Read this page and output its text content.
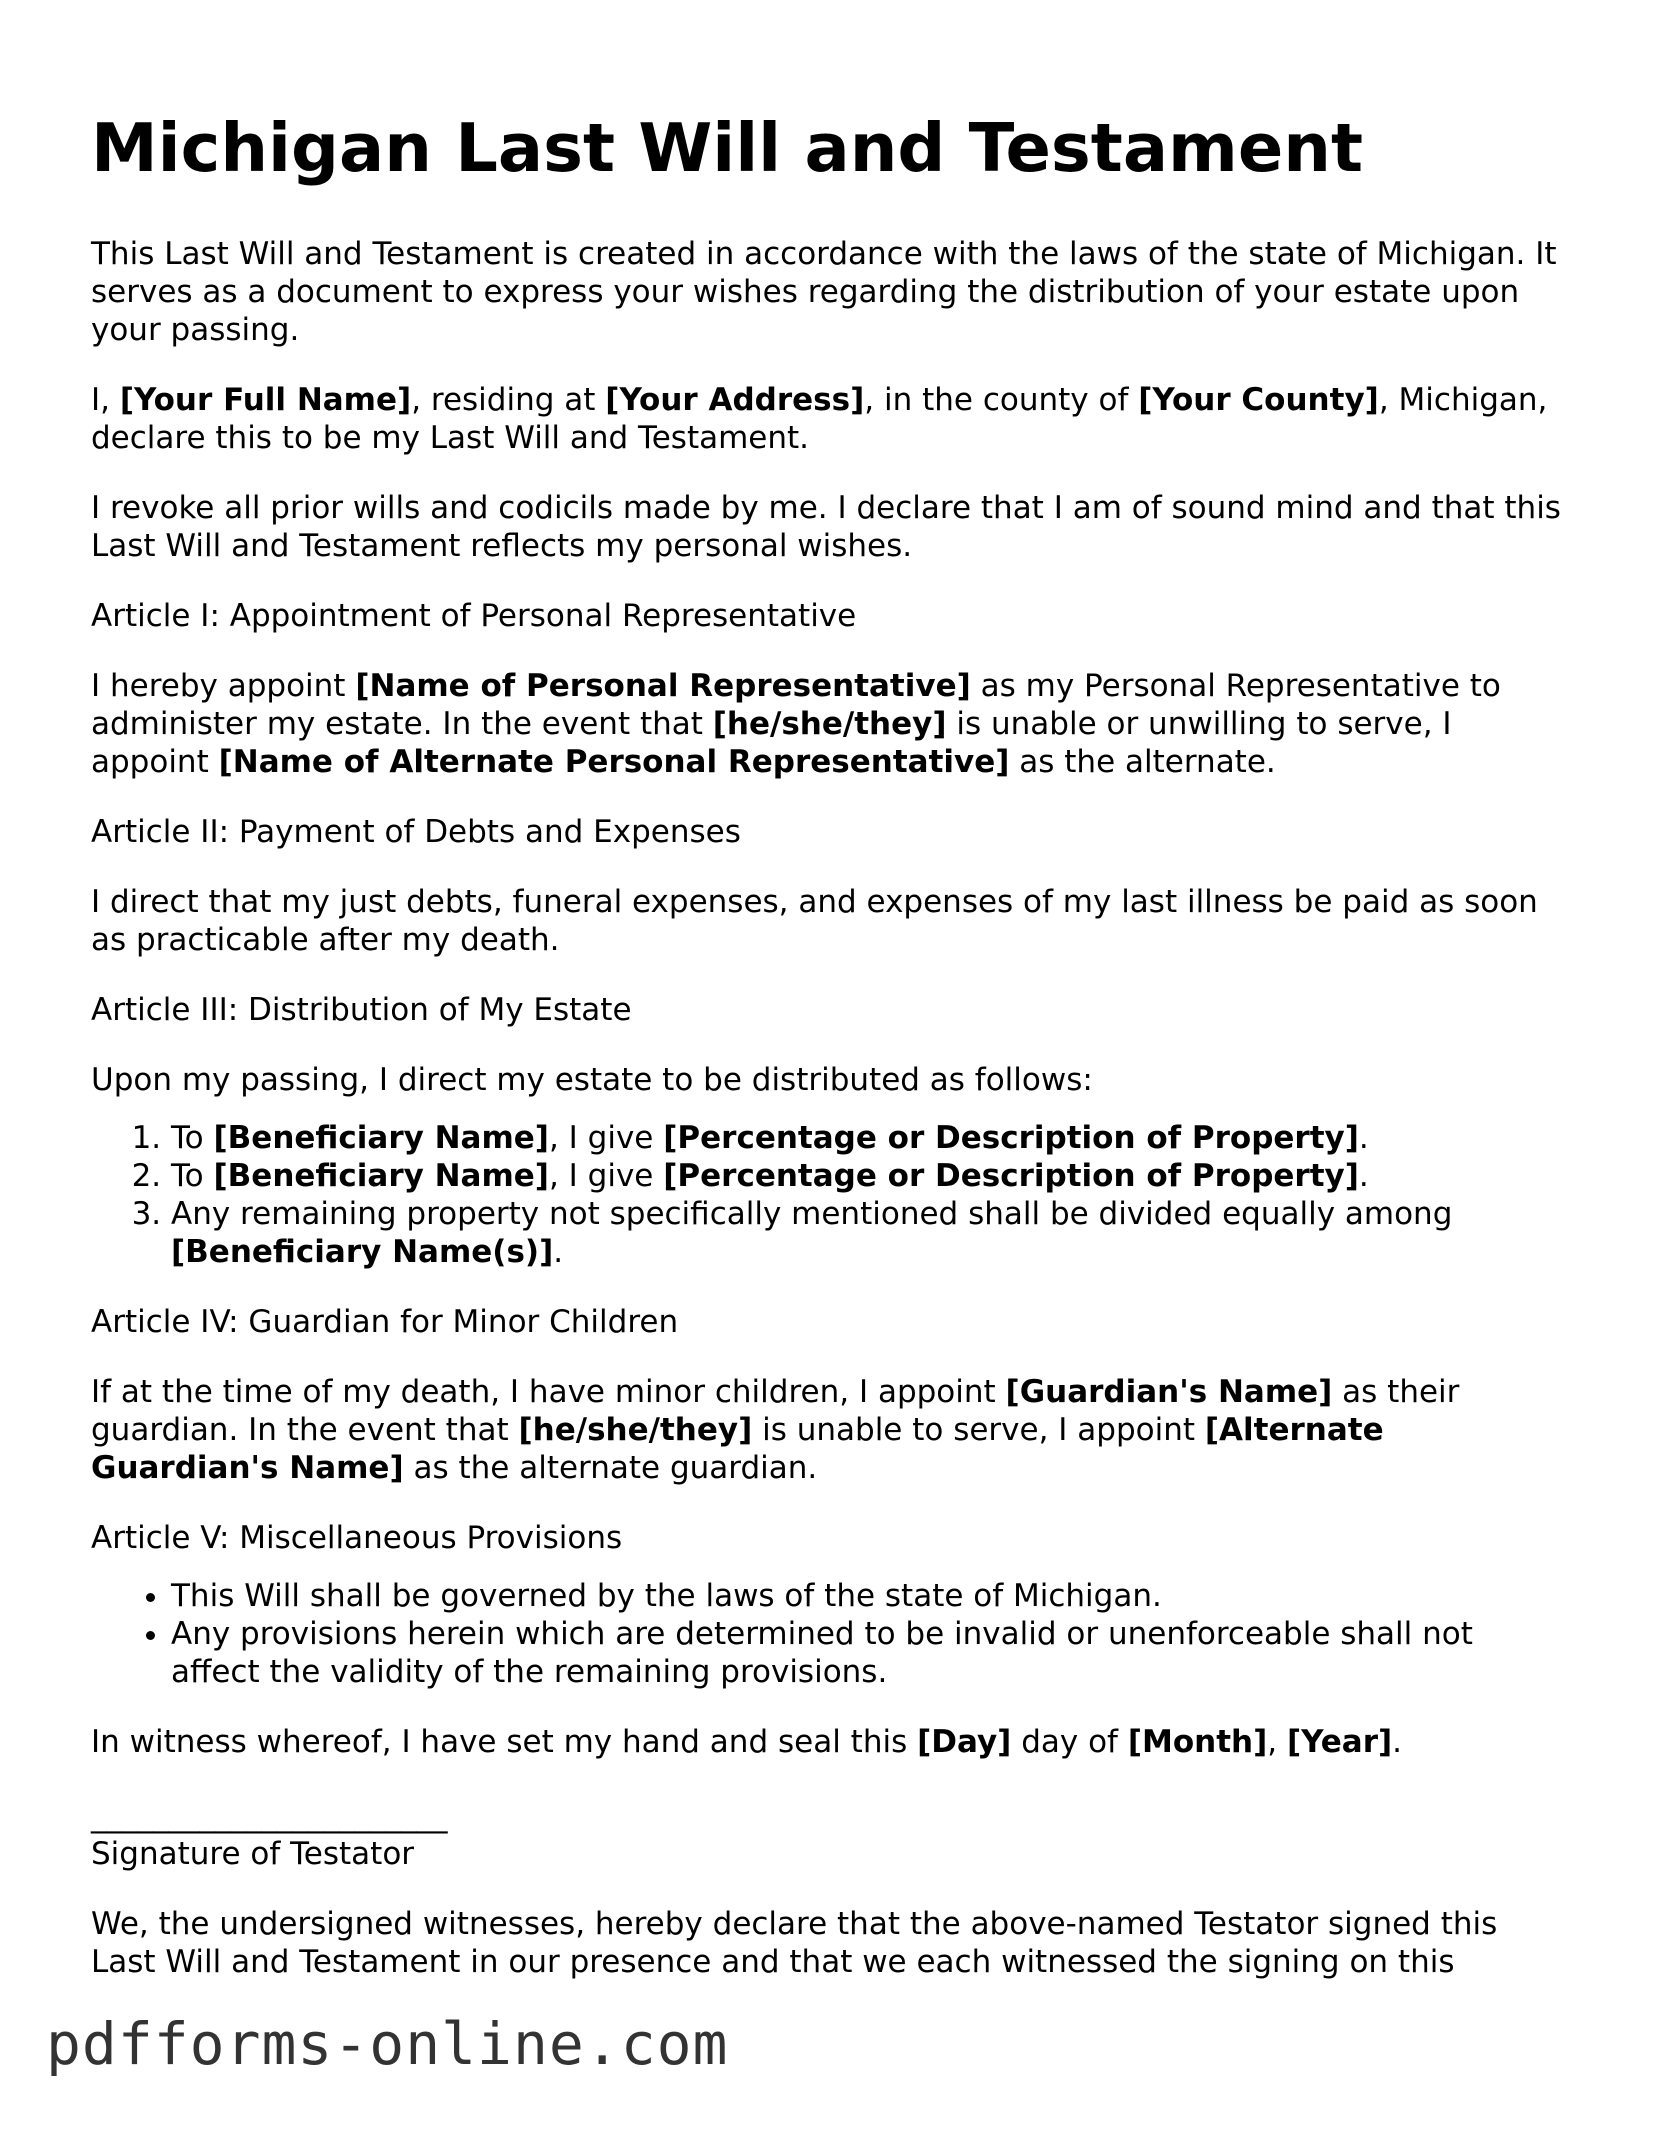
Michigan Last Will and Testament

This Last Will and Testament is created in accordance with the laws of the state of Michigan. It serves as a document to express your wishes regarding the distribution of your estate upon your passing.

I, [Your Full Name], residing at [Your Address], in the county of [Your County], Michigan, declare this to be my Last Will and Testament.

I revoke all prior wills and codicils made by me. I declare that I am of sound mind and that this Last Will and Testament reflects my personal wishes.

Article I: Appointment of Personal Representative

I hereby appoint [Name of Personal Representative] as my Personal Representative to administer my estate. In the event that [he/she/they] is unable or unwilling to serve, I appoint [Name of Alternate Personal Representative] as the alternate.

Article II: Payment of Debts and Expenses

I direct that my just debts, funeral expenses, and expenses of my last illness be paid as soon as practicable after my death.

Article III: Distribution of My Estate

Upon my passing, I direct my estate to be distributed as follows:

1. To [Beneficiary Name], I give [Percentage or Description of Property].
2. To [Beneficiary Name], I give [Percentage or Description of Property].
3. Any remaining property not specifically mentioned shall be divided equally among [Beneficiary Name(s)].

Article IV: Guardian for Minor Children

If at the time of my death, I have minor children, I appoint [Guardian's Name] as their guardian. In the event that [he/she/they] is unable to serve, I appoint [Alternate Guardian's Name] as the alternate guardian.

Article V: Miscellaneous Provisions

• This Will shall be governed by the laws of the state of Michigan.
• Any provisions herein which are determined to be invalid or unenforceable shall not affect the validity of the remaining provisions.

In witness whereof, I have set my hand and seal this [Day] day of [Month], [Year].

_______________________
Signature of Testator

We, the undersigned witnesses, hereby declare that the above-named Testator signed this Last Will and Testament in our presence and that we each witnessed the signing on this

pdfforms-online.com
